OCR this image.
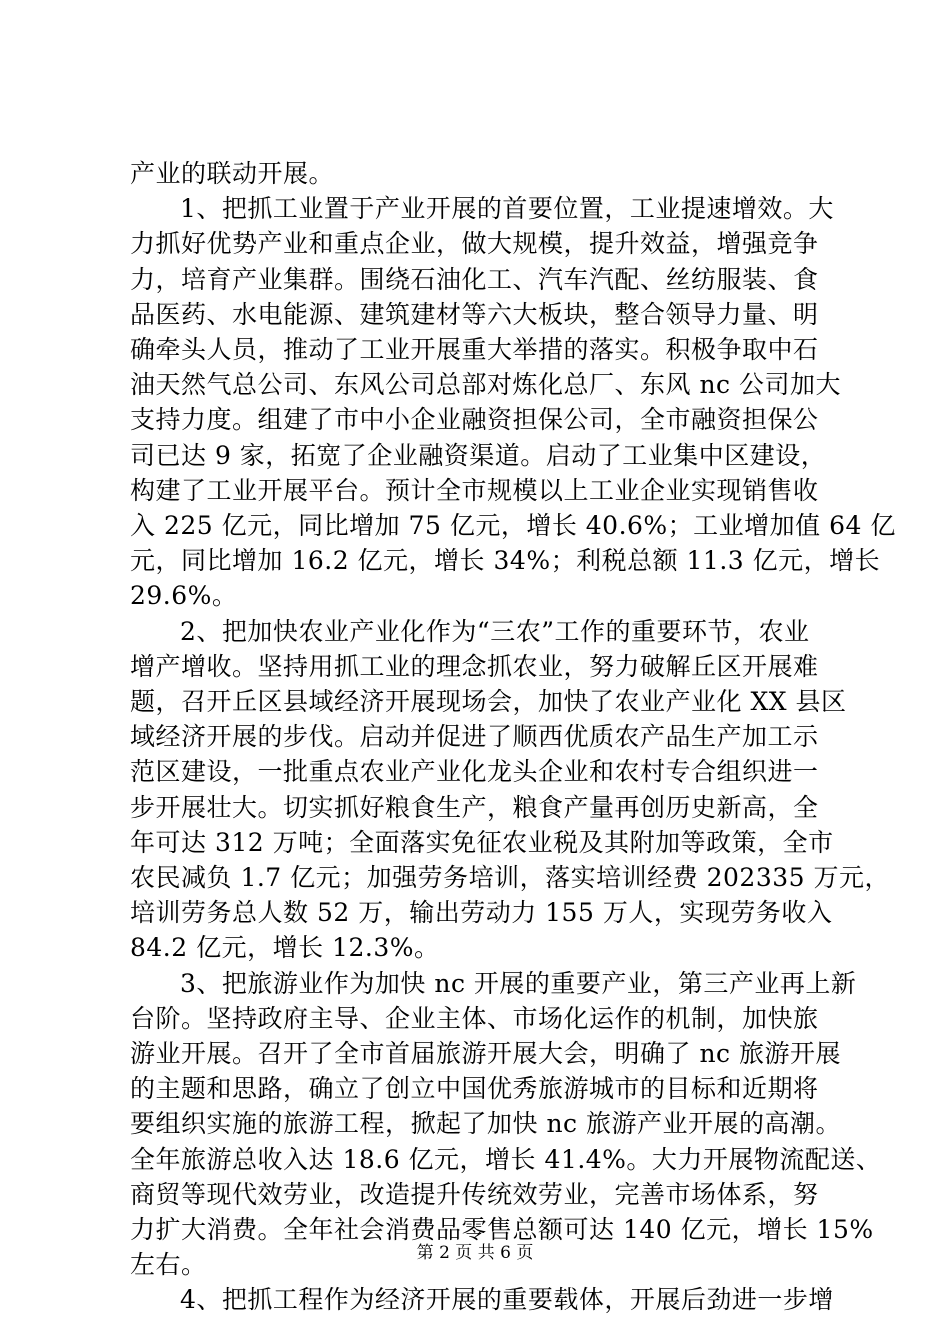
产业的联动开展。
1、把抓工业置于产业开展的首要位置，工业提速增效。大
力抓好优势产业和重点企业，做大规模，提升效益，增强竞争
力，培育产业集群。围绕石油化工、汽车汽配、丝纺服装、食
品医药、水电能源、建筑建材等六大板块，整合领导力量、明
确牵头人员，推动了工业开展重大举措的落实。积极争取中石
油天然气总公司、东风公司总部对炼化总厂、东风 nc 公司加大
支持力度。组建了市中小企业融资担保公司，全市融资担保公
司已达 9 家，拓宽了企业融资渠道。启动了工业集中区建设，
构建了工业开展平台。预计全市规模以上工业企业实现销售收
入 225 亿元，同比增加 75 亿元，增长 40.6%；工业增加值 64 亿
元，同比增加 16.2 亿元，增长 34%；利税总额 11.3 亿元，增长
29.6%。
2、把加快农业产业化作为“三农”工作的重要环节，农业
增产增收。坚持用抓工业的理念抓农业，努力破解丘区开展难
题，召开丘区县域经济开展现场会，加快了农业产业化 XX 县区
域经济开展的步伐。启动并促进了顺西优质农产品生产加工示
范区建设，一批重点农业产业化龙头企业和农村专合组织进一
步开展壮大。切实抓好粮食生产，粮食产量再创历史新高，全
年可达 312 万吨；全面落实免征农业税及其附加等政策，全市
农民减负 1.7 亿元；加强劳务培训，落实培训经费 202335 万元，
培训劳务总人数 52 万，输出劳动力 155 万人，实现劳务收入
84.2 亿元，增长 12.3%。
3、把旅游业作为加快 nc 开展的重要产业，第三产业再上新
台阶。坚持政府主导、企业主体、市场化运作的机制，加快旅
游业开展。召开了全市首届旅游开展大会，明确了 nc 旅游开展
的主题和思路，确立了创立中国优秀旅游城市的目标和近期将
要组织实施的旅游工程，掀起了加快 nc 旅游产业开展的高潮。
全年旅游总收入达 18.6 亿元，增长 41.4%。大力开展物流配送、
商贸等现代效劳业，改造提升传统效劳业，完善市场体系，努
力扩大消费。全年社会消费品零售总额可达 140 亿元，增长 15%
左右。
4、把抓工程作为经济开展的重要载体，开展后劲进一步增
第 2 页 共 6 页
